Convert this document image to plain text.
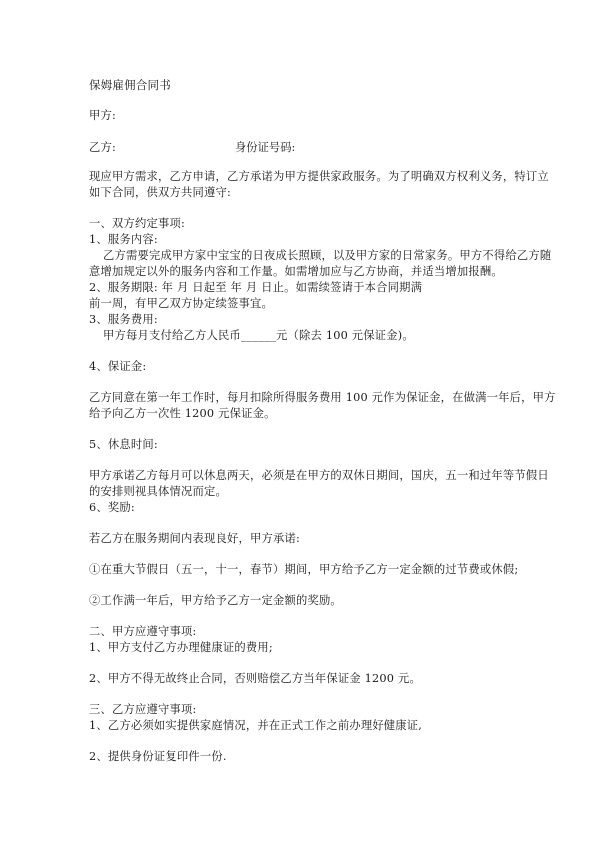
保姆雇佣合同书

甲方:

乙方:	身份证号码:

现应甲方需求，乙方申请，乙方承诺为甲方提供家政服务。为了明确双方权利义务，特订立

如下合同，供双方共同遵守:

一、双方约定事项:

1、服务内容:

乙方需要完成甲方家中宝宝的日夜成长照顾，以及甲方家的日常家务。甲方不得给乙方随

意增加规定以外的服务内容和工作量。如需增加应与乙方协商，并适当增加报酬。

2、服务期限: 年 月 日起至 年 月 日止。如需续签请于本合同期满

前一周，有甲乙双方协定续签事宜。

3、服务费用:

甲方每月支付给乙方人民币______元（除去 100 元保证金)。

4、保证金:

乙方同意在第一年工作时，每月扣除所得服务费用 100 元作为保证金，在做满一年后，甲方

给予向乙方一次性 1200 元保证金。

5、休息时间:

甲方承诺乙方每月可以休息两天，必须是在甲方的双休日期间，国庆，五一和过年等节假日

的安排则视具体情况而定。

6、奖励:

若乙方在服务期间内表现良好，甲方承诺:

①在重大节假日（五一，十一，春节）期间，甲方给予乙方一定金额的过节费或休假;

②工作满一年后，甲方给予乙方一定金额的奖励。

二、甲方应遵守事项:

1、甲方支付乙方办理健康证的费用;

2、甲方不得无故终止合同，否则赔偿乙方当年保证金 1200 元。

三、乙方应遵守事项:

1、乙方必须如实提供家庭情况，并在正式工作之前办理好健康证,

2、提供身份证复印件一份.
